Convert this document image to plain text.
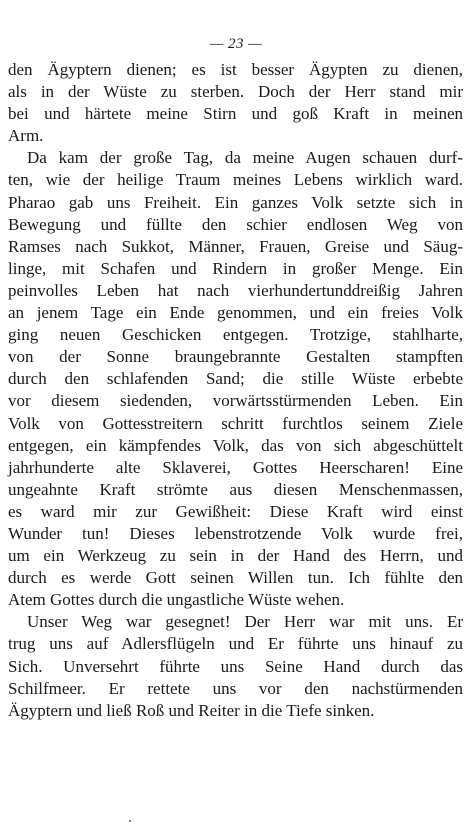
— 23 —
den Ägyptern dienen; es ist besser Ägypten zu dienen,
als in der Wüste zu sterben. Doch der Herr stand mir
bei und härtete meine Stirn und goß Kraft in meinen
Arm.
Da kam der große Tag, da meine Augen schauen durf-
ten, wie der heilige Traum meines Lebens wirklich ward.
Pharao gab uns Freiheit. Ein ganzes Volk setzte sich in
Bewegung und füllte den schier endlosen Weg von
Ramses nach Sukkot, Männer, Frauen, Greise und Säug-
linge, mit Schafen und Rindern in großer Menge. Ein
peinvolles Leben hat nach vierhundertunddreißig Jahren
an jenem Tage ein Ende genommen, und ein freies Volk
ging neuen Geschicken entgegen. Trotzige, stahlharte,
von der Sonne braungebrannte Gestalten stampften
durch den schlafenden Sand; die stille Wüste erbebte
vor diesem siedenden, vorwärtsstürmenden Leben. Ein
Volk von Gottesstreitern schritt furchtlos seinem Ziele
entgegen, ein kämpfendes Volk, das von sich abgeschüttelt
jahrhunderte alte Sklaverei, Gottes Heerscharen! Eine
ungeahnte Kraft strömte aus diesen Menschenmassen,
es ward mir zur Gewißheit: Diese Kraft wird einst
Wunder tun! Dieses lebenstrotzende Volk wurde frei,
um ein Werkzeug zu sein in der Hand des Herrn, und
durch es werde Gott seinen Willen tun. Ich fühlte den
Atem Gottes durch die ungastliche Wüste wehen.
Unser Weg war gesegnet! Der Herr war mit uns. Er
trug uns auf Adlersflügeln und Er führte uns hinauf zu
Sich. Unversehrt führte uns Seine Hand durch das
Schilfmeer. Er rettete uns vor den nachstürmenden
Ägyptern und ließ Roß und Reiter in die Tiefe sinken.
